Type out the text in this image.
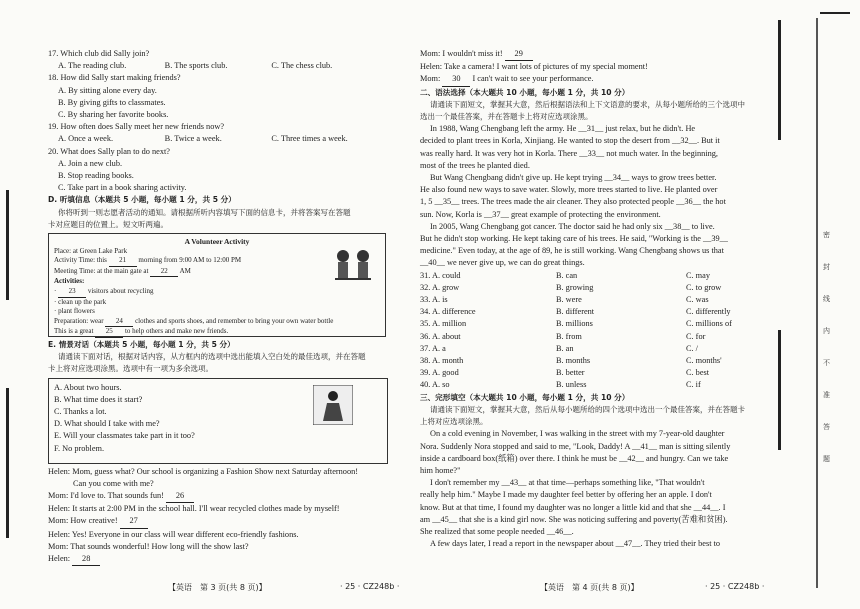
17. Which club did Sally join?

A. The reading club.	B. The sports club.	C. The chess club.

18. How did Sally start making friends?

A. By sitting alone every day.

B. By giving gifts to classmates.

C. By sharing her favorite books.

19. How often does Sally meet her new friends now?

A. Once a week.	B. Twice a week.	C. Three times a week.

20. What does Sally plan to do next?

A. Join a new club.

B. Stop reading books.

C. Take part in a book sharing activity.

D. 听填信息（本题共 5 小题，每小题 1 分，共 5 分）

你将听到一则志愿者活动的通知。请根据所听内容填写下面的信息卡，并将答案写在答题

卡对应题目的位置上。短文听两遍。

A Volunteer Activity
Place: at Green Lake Park
Activity Time: this 21 morning from 9:00 AM to 12:00 PM
Meeting Time: at the main gate at 22 AM
Activities:
· 23 visitors about recycling
· clean up the park
· plant flowers
Preparation: wear 24 clothes and sports shoes, and remember to bring your own water bottle
This is a great 25 to help others and make new friends.

E. 情景对话（本题共 5 小题，每小题 1 分，共 5 分）

请通读下面对话，根据对话内容，从方框内的选项中选出能填入空白处的最佳选项，并在答题

卡上将对应选项涂黑。选项中有一项为多余选项。

A. About two hours.
B. What time does it start?
C. Thanks a lot.
D. What should I take with me?
E. Will your classmates take part in it too?
F. No problem.

Helen: Mom, guess what? Our school is organizing a Fashion Show next Saturday afternoon!

Can you come with me?

Mom: I'd love to. That sounds fun! 26

Helen: It starts at 2:00 PM in the school hall. I'll wear recycled clothes made by myself!

Mom: How creative! 27

Helen: Yes! Everyone in our class will wear different eco-friendly fashions.

Mom: That sounds wonderful! How long will the show last?

Helen: 28

【英语　第 3 页(共 8 页)】	· 25 · CZ248b ·

Mom: I wouldn't miss it! 29

Helen: Take a camera! I want lots of pictures of my special moment!

Mom: 30 I can't wait to see your performance.

二、语法选择（本大题共 10 小题，每小题 1 分，共 10 分）

请通读下面短文，掌握其大意，然后根据语法和上下文语意的要求，从每小题所给的三个选项中

选出一个最佳答案，并在答题卡上将对应选项涂黑。

In 1988, Wang Chengbang left the army. He __31__ just relax, but he didn't. He

decided to plant trees in Korla, Xinjiang. He wanted to stop the desert from __32__. But it

was really hard. It was very hot in Korla. There __33__ not much water. In the beginning,

most of the trees he planted died.

But Wang Chengbang didn't give up. He kept trying __34__ ways to grow trees better.

He also found new ways to save water. Slowly, more trees started to live. He planted over

1, 5 __35__ trees. The trees made the air cleaner. They also protected people __36__ the hot

sun. Now, Korla is __37__ great example of protecting the environment.

In 2005, Wang Chengbang got cancer. The doctor said he had only six __38__ to live.

But he didn't stop working. He kept taking care of his trees. He said, "Working is the __39__

medicine." Even today, at the age of 89, he is still working. Wang Chengbang shows us that

__40__ we never give up, we can do great things.

31. A. could	B. can	C. may
32. A. grow	B. growing	C. to grow
33. A. is	B. were	C. was
34. A. difference	B. different	C. differently
35. A. million	B. millions	C. millions of
36. A. about	B. from	C. for
37. A. a	B. an	C. /
38. A. month	B. months	C. months'
39. A. good	B. better	C. best
40. A. so	B. unless	C. if

三、完形填空（本大题共 10 小题，每小题 1 分，共 10 分）

请通读下面短文，掌握其大意，然后从每小题所给的四个选项中选出一个最佳答案，并在答题卡

上将对应选项涂黑。

On a cold evening in November, I was walking in the street with my 7-year-old daughter

Nora. Suddenly Nora stopped and said to me, "Look, Daddy! A __41__ man is sitting silently

inside a cardboard box(纸箱) over there. I think he must be __42__ and hungry. Can we take

him home?"

I don't remember my __43__ at that time—perhaps something like, "That wouldn't

really help him." Maybe I made my daughter feel better by offering her an apple. I don't

know. But at that time, I found my daughter was no longer a little kid and that she __44__. I

am __45__ that she is a kind girl now. She was noticing suffering and poverty(苦难和贫困).

She realized that some people needed __46__.

A few days later, I read a report in the newspaper about __47__. They tried their best to

【英语　第 4 页(共 8 页)】	· 25 · CZ248b ·
密
封
线
内
不
准
答
题
